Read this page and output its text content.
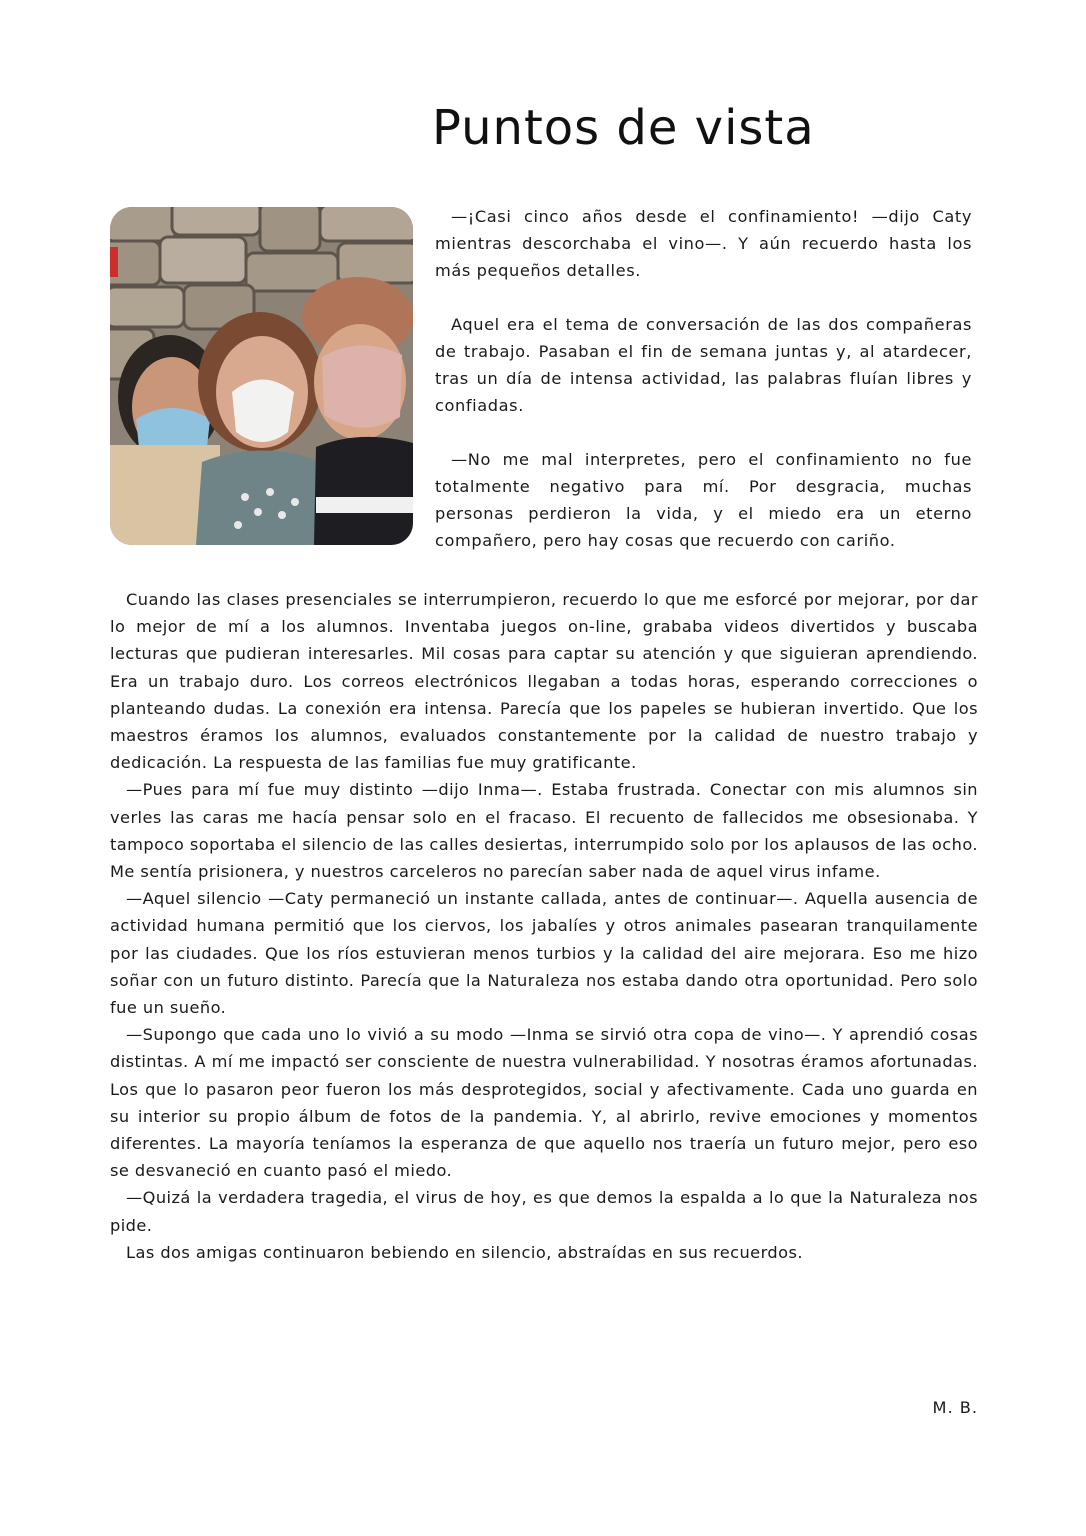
Puntos de vista

—¡Casi cinco años desde el confinamiento! —dijo Caty mientras descorchaba el vino—. Y aún recuerdo hasta los más pequeños detalles.

Aquel era el tema de conversación de las dos compañeras de trabajo. Pasaban el fin de semana juntas y, al atardecer, tras un día de intensa actividad, las palabras fluían libres y confiadas.

—No me mal interpretes, pero el confinamiento no fue totalmente negativo para mí. Por desgracia, muchas personas perdieron la vida, y el miedo era un eterno compañero, pero hay cosas que recuerdo con cariño.

Cuando las clases presenciales se interrumpieron, recuerdo lo que me esforcé por mejorar, por dar lo mejor de mí a los alumnos. Inventaba juegos on-line, grababa videos divertidos y buscaba lecturas que pudieran interesarles. Mil cosas para captar su atención y que siguieran aprendiendo. Era un trabajo duro. Los correos electrónicos llegaban a todas horas, esperando correcciones o planteando dudas. La conexión era intensa. Parecía que los papeles se hubieran invertido. Que los maestros éramos los alumnos, evaluados constantemente por la calidad de nuestro trabajo y dedicación. La respuesta de las familias fue muy gratificante.

—Pues para mí fue muy distinto —dijo Inma—. Estaba frustrada. Conectar con mis alumnos sin verles las caras me hacía pensar solo en el fracaso. El recuento de fallecidos me obsesionaba. Y tampoco soportaba el silencio de las calles desiertas, interrumpido solo por los aplausos de las ocho. Me sentía prisionera, y nuestros carceleros no parecían saber nada de aquel virus infame.

—Aquel silencio —Caty permaneció un instante callada, antes de continuar—. Aquella ausencia de actividad humana permitió que los ciervos, los jabalíes y otros animales pasearan tranquilamente por las ciudades. Que los ríos estuvieran menos turbios y la calidad del aire mejorara. Eso me hizo soñar con un futuro distinto. Parecía que la Naturaleza nos estaba dando otra oportunidad. Pero solo fue un sueño.

—Supongo que cada uno lo vivió a su modo —Inma se sirvió otra copa de vino—. Y aprendió cosas distintas. A mí me impactó ser consciente de nuestra vulnerabilidad. Y nosotras éramos afortunadas. Los que lo pasaron peor fueron los más desprotegidos, social y afectivamente. Cada uno guarda en su interior su propio álbum de fotos de la pandemia. Y, al abrirlo, revive emociones y momentos diferentes. La mayoría teníamos la esperanza de que aquello nos traería un futuro mejor, pero eso se desvaneció en cuanto pasó el miedo.

—Quizá la verdadera tragedia, el virus de hoy, es que demos la espalda a lo que la Naturaleza nos pide.

Las dos amigas continuaron bebiendo en silencio, abstraídas en sus recuerdos.

M. B.
